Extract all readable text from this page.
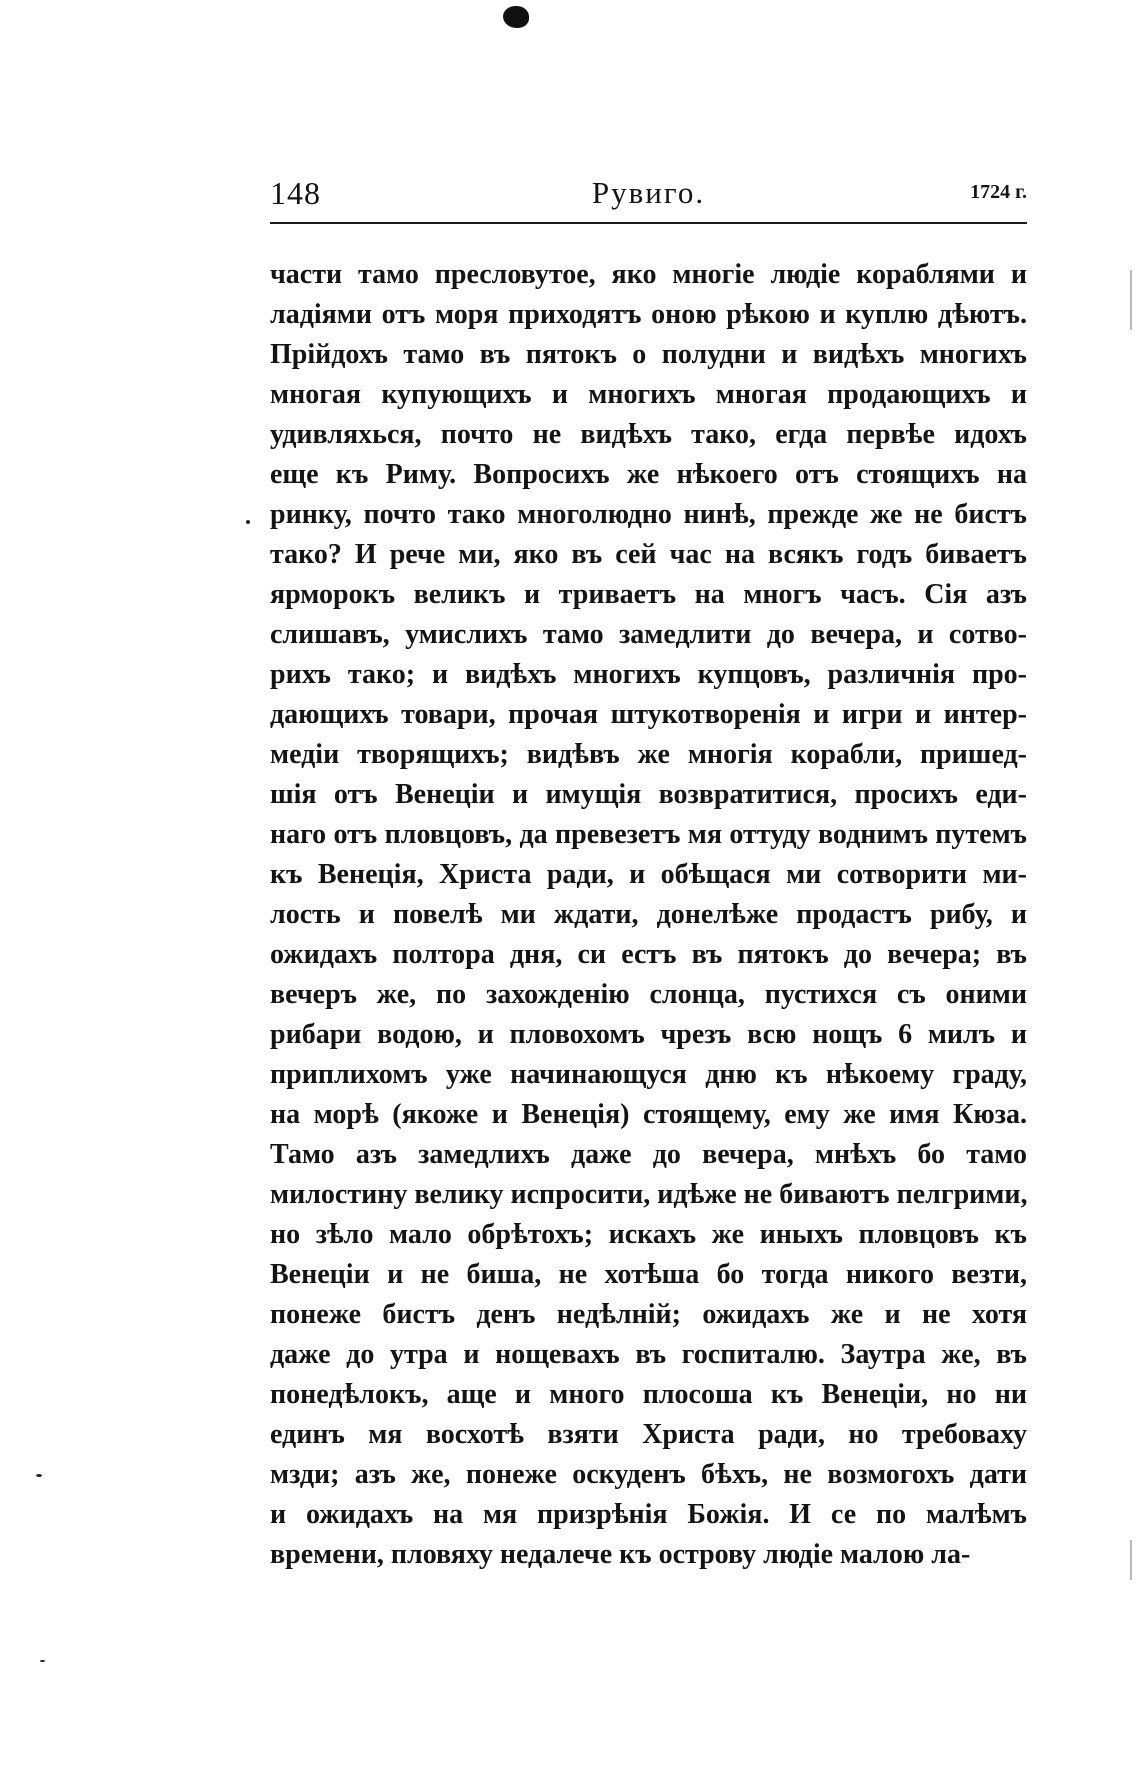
148	Рувиго.	1724 г.
части тамо пресловутое, яко многіе людіе кораблями и
ладіями отъ моря приходятъ оною рѣкою и куплю дѣютъ.
Прійдохъ тамо въ пятокъ о полудни и видѣхъ многихъ
многая купующихъ и многихъ многая продающихъ и
удивляхься, почто не видѣхъ тако, егда первѣе идохъ
еще къ Риму. Вопросихъ же нѣкоего отъ стоящихъ на
ринку, почто тако многолюдно нинѣ, прежде же не бистъ
тако? И рече ми, яко въ сей час на всякъ годъ биваетъ
ярморокъ великъ и триваетъ на многъ часъ. Сія азъ
слишавъ, умислихъ тамо замедлити до вечера, и сотво-
рихъ тако; и видѣхъ многихъ купцовъ, различнія про-
дающихъ товари, прочая штукотворенія и игри и интер-
медіи творящихъ; видѣвъ же многія корабли, пришед-
шія отъ Венеціи и имущія возвратитися, просихъ еди-
наго отъ пловцовъ, да превезетъ мя оттуду воднимъ путемъ
къ Венеція, Христа ради, и обѣщася ми сотворити ми-
лость и повелѣ ми ждати, донелѣже продастъ рибу, и
ожидахъ полтора дня, си естъ въ пятокъ до вечера; въ
вечеръ же, по захожденію слонца, пустихся съ оними
рибари водою, и пловохомъ чрезъ всю нощъ 6 милъ и
приплихомъ уже начинающуся дню къ нѣкоему граду,
на морѣ (якоже и Венеція) стоящему, ему же имя Кюза.
Тамо азъ замедлихъ даже до вечера, мнѣхъ бо тамо
милостину велику испросити, идѣже не биваютъ пелгрими,
но зѣло мало обрѣтохъ; искахъ же иныхъ пловцовъ къ
Венеціи и не биша, не хотѣша бо тогда никого везти,
понеже бистъ денъ недѣлній; ожидахъ же и не хотя
даже до утра и нощевахъ въ госпиталю. Заутра же, въ
понедѣлокъ, аще и много плоcоша къ Венеціи, но ни
единъ мя восхотѣ взяти Христа ради, но требоваху
мзди; азъ же, понеже оскуденъ бѣхъ, не возмогохъ дати
и ожидахъ на мя призрѣнія Божія. И се по малѣмъ
времени, пловяху недалече къ острову людіе малою ла-
